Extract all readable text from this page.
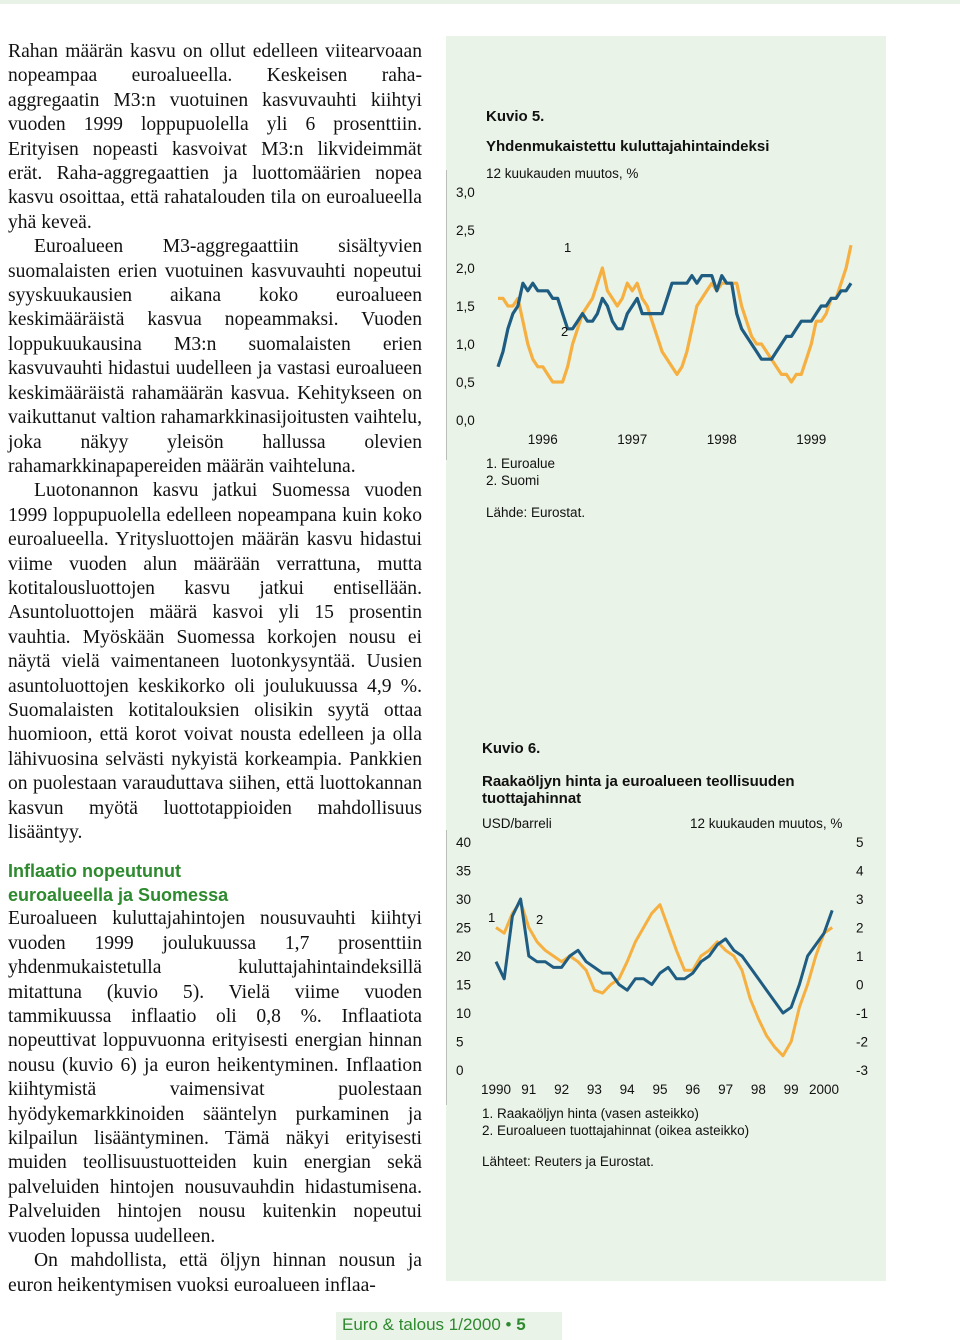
Rahan määrän kasvu on ollut edelleen viitearvoaan nopeampaa euroalueella. Keskeisen raha-aggregaatin M3:n vuotuinen kasvuvauhti kiihtyi vuoden 1999 loppupuolella yli 6 prosenttiin. Erityisen nopeasti kasvoivat M3:n likvideimmät erät. Raha-aggregaattien ja luottomäärien nopea kasvu osoittaa, että rahatalouden tila on euroalueella yhä keveä.

Euroalueen M3-aggregaattiin sisältyvien suomalaisten erien vuotuinen kasvuvauhti nopeutui syyskuukausien aikana koko euroalueen keskimääräistä kasvua nopeammaksi. Vuoden loppukuukausina M3:n suomalaisten erien kasvuvauhti hidastui uudelleen ja vastasi euroalueen keskimääräistä rahamäärän kasvua. Kehitykseen on vaikuttanut valtion rahamarkkinasijoitusten vaihtelu, joka näkyy yleisön hallussa olevien rahamarkkinapapereiden määrän vaihteluna.

Luotonannon kasvu jatkui Suomessa vuoden 1999 loppupuolella edelleen nopeampana kuin koko euroalueella. Yritysluottojen määrän kasvu hidastui viime vuoden alun määrään verrattuna, mutta kotitalousluottojen kasvu jatkui entisellään. Asuntoluottojen määrä kasvoi yli 15 prosentin vauhtia. Myöskään Suomessa korkojen nousu ei näytä vielä vaimentaneen luotonkysyntää. Uusien asuntoluottojen keskikorko oli joulukuussa 4,9 %. Suomalaisten kotitalouksien olisikin syytä ottaa huomioon, että korot voivat nousta edelleen ja olla lähivuosina selvästi nykyistä korkeampia. Pankkien on puolestaan varauduttava siihen, että luottokannan kasvun myötä luottotappioiden mahdollisuus lisääntyy.

Inflaatio nopeutunut
euroalueella ja Suomessa

Euroalueen kuluttajahintojen nousuvauhti kiihtyi vuoden 1999 joulukuussa 1,7 prosenttiin yhdenmukaistetulla kuluttajahintaindeksillä mitattuna (kuvio 5). Vielä viime vuoden tammikuussa inflaatio oli 0,8 %. Inflaatiota nopeuttivat loppuvuonna erityisesti energian hinnan nousu (kuvio 6) ja euron heikentyminen. Inflaation kiihtymistä vaimensivat puolestaan hyödykemarkkinoiden sääntelyn purkaminen ja kilpailun lisääntyminen. Tämä näkyi erityisesti muiden teollisuustuotteiden kuin energian sekä palveluiden hintojen nousuvauhdin hidastumisena. Palveluiden hintojen nousu kuitenkin nopeutui vuoden lopussa uudelleen.

On mahdollista, että öljyn hinnan nousun ja euron heikentymisen vuoksi euroalueen inflaa-

Kuvio 5.
Yhdenmukaistettu kuluttajahintaindeksi
12 kuukauden muutos, %
0,0
0,5
1,0
1,5
2,0
2,5
3,0
1996	1997	1998	1999
1
2
1. Euroalue
2. Suomi
Lähde: Eurostat.
Kuvio 6.
Raakaöljyn hinta ja euroalueen teollisuuden
tuottajahinnat
USD/barreli	12 kuukauden muutos, %
0
5
10
15
20
25
30
35
40
-3
-2
-1
0
1
2
3
4
5
1990 91 92 93 94 95 96 97 98 99 2000
1	2
1. Raakaöljyn hinta (vasen asteikko)
2. Euroalueen tuottajahinnat (oikea asteikko)
Lähteet: Reuters ja Eurostat.
Euro & talous 1/2000 • 5
